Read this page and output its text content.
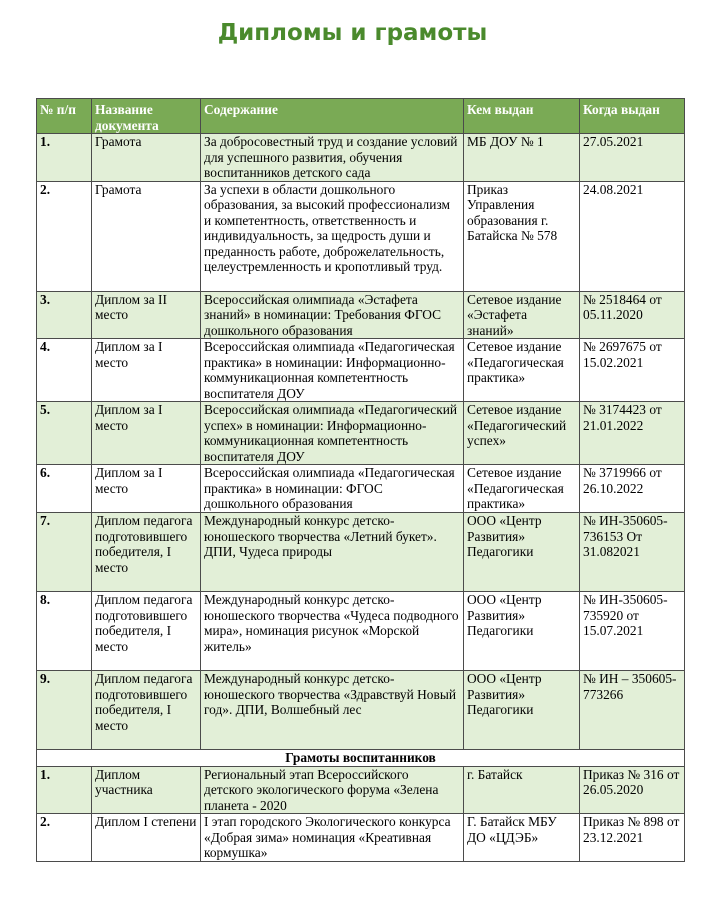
Дипломы и грамоты
№ п/п	Название документа	Содержание	Кем выдан	Когда выдан
1.	Грамота	За добросовестный труд и создание условий для успешного развития, обучения воспитанников детского сада	МБ ДОУ № 1	27.05.2021
2.	Грамота	За успехи в области дошкольного образования, за высокий профессионализм и компетентность, ответственность и индивидуальность, за щедрость души и преданность работе, доброжелательность, целеустремленность и кропотливый труд.	Приказ Управления образования г. Батайска № 578	24.08.2021
3.	Диплом за II место	Всероссийская олимпиада «Эстафета знаний» в номинации: Требования ФГОС дошкольного образования	Сетевое издание «Эстафета знаний»	№ 2518464 от 05.11.2020
4.	Диплом за I место	Всероссийская олимпиада «Педагогическая практика» в номинации: Информационно-коммуникационная компетентность воспитателя ДОУ	Сетевое издание «Педагогическая практика»	№ 2697675 от 15.02.2021
5.	Диплом за I место	Всероссийская олимпиада «Педагогический успех» в номинации: Информационно-коммуникационная компетентность воспитателя ДОУ	Сетевое издание «Педагогический успех»	№ 3174423 от 21.01.2022
6.	Диплом за I место	Всероссийская олимпиада «Педагогическая практика» в номинации: ФГОС дошкольного образования	Сетевое издание «Педагогическая практика»	№ 3719966 от 26.10.2022
7.	Диплом педагога подготовившего победителя, I место	Международный конкурс детско-юношеского творчества «Летний букет». ДПИ, Чудеса природы	ООО «Центр Развития» Педагогики	№ ИН-350605-736153 От 31.082021
8.	Диплом педагога подготовившего победителя, I место	Международный конкурс детско-юношеского творчества «Чудеса подводного мира», номинация рисунок «Морской житель»	ООО «Центр Развития» Педагогики	№ ИН-350605-735920 от 15.07.2021
9.	Диплом педагога подготовившего победителя, I место	Международный конкурс детско-юношеского творчества «Здравствуй Новый год». ДПИ, Волшебный лес	ООО «Центр Развития» Педагогики	№ ИН – 350605-773266
Грамоты воспитанников				
1.	Диплом участника	Региональный этап Всероссийского детского экологического форума «Зелена планета - 2020	г. Батайск	Приказ № 316 от 26.05.2020
2.	Диплом I степени	I этап городского Экологического конкурса «Добрая зима» номинация «Креативная кормушка»	Г. Батайск МБУ ДО «ЦДЭБ»	Приказ № 898 от 23.12.2021
